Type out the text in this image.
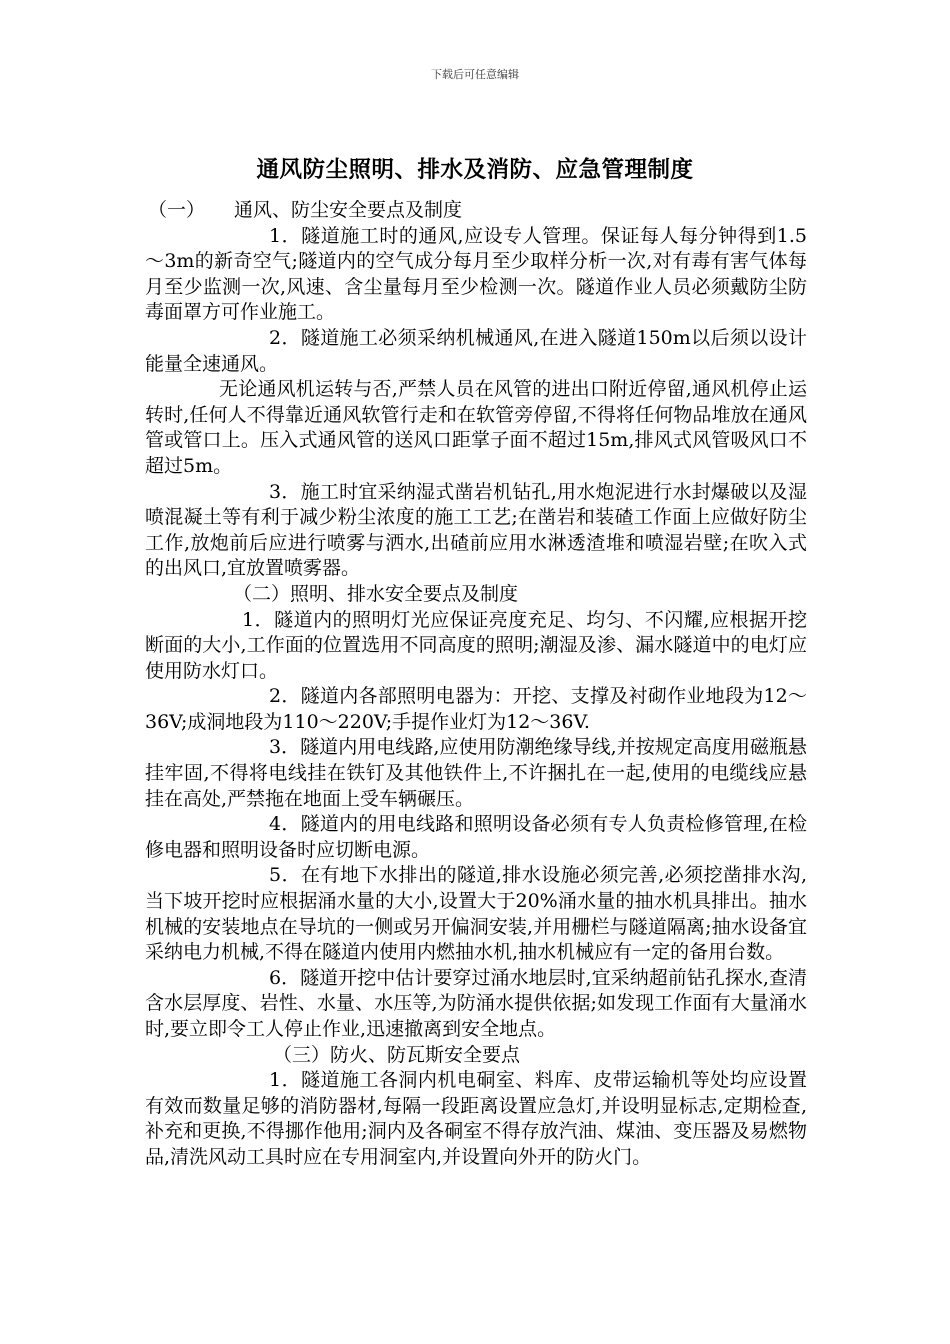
下载后可任意编辑
通风防尘照明、排水及消防、应急管理制度

（一） 通风、防尘安全要点及制度

1．隧道施工时的通风,应设专人管理。保证每人每分钟得到1.5～3m的新奇空气;隧道内的空气成分每月至少取样分析一次,对有毒有害气体每月至少监测一次,风速、含尘量每月至少检测一次。隧道作业人员必须戴防尘防毒面罩方可作业施工。

2．隧道施工必须采纳机械通风,在进入隧道150m以后须以设计能量全速通风。

无论通风机运转与否,严禁人员在风管的进出口附近停留,通风机停止运转时,任何人不得靠近通风软管行走和在软管旁停留,不得将任何物品堆放在通风管或管口上。压入式通风管的送风口距掌子面不超过15m,排风式风管吸风口不超过5m。

3．施工时宜采纳湿式凿岩机钻孔,用水炮泥进行水封爆破以及湿喷混凝土等有利于减少粉尘浓度的施工工艺;在凿岩和装碴工作面上应做好防尘工作,放炮前后应进行喷雾与洒水,出碴前应用水淋透渣堆和喷湿岩壁;在吹入式的出风口,宜放置喷雾器。

（二）照明、排水安全要点及制度

1．隧道内的照明灯光应保证亮度充足、均匀、不闪耀,应根据开挖断面的大小,工作面的位置选用不同高度的照明;潮湿及渗、漏水隧道中的电灯应使用防水灯口。

2．隧道内各部照明电器为：开挖、支撑及衬砌作业地段为12～36V;成洞地段为110～220V;手提作业灯为12～36V.

3．隧道内用电线路,应使用防潮绝缘导线,并按规定高度用磁瓶悬挂牢固,不得将电线挂在铁钉及其他铁件上,不许捆扎在一起,使用的电缆线应悬挂在高处,严禁拖在地面上受车辆碾压。

4．隧道内的用电线路和照明设备必须有专人负责检修管理,在检修电器和照明设备时应切断电源。

5．在有地下水排出的隧道,排水设施必须完善,必须挖凿排水沟,当下坡开挖时应根据涌水量的大小,设置大于20%涌水量的抽水机具排出。抽水机械的安装地点在导坑的一侧或另开偏洞安装,并用栅栏与隧道隔离;抽水设备宜采纳电力机械,不得在隧道内使用内燃抽水机,抽水机械应有一定的备用台数。

6．隧道开挖中估计要穿过涌水地层时,宜采纳超前钻孔探水,查清含水层厚度、岩性、水量、水压等,为防涌水提供依据;如发现工作面有大量涌水时,要立即令工人停止作业,迅速撤离到安全地点。

（三）防火、防瓦斯安全要点

1．隧道施工各洞内机电硐室、料库、皮带运输机等处均应设置有效而数量足够的消防器材,每隔一段距离设置应急灯,并设明显标志,定期检查,补充和更换,不得挪作他用;洞内及各硐室不得存放汽油、煤油、变压器及易燃物品,清洗风动工具时应在专用洞室内,并设置向外开的防火门。
